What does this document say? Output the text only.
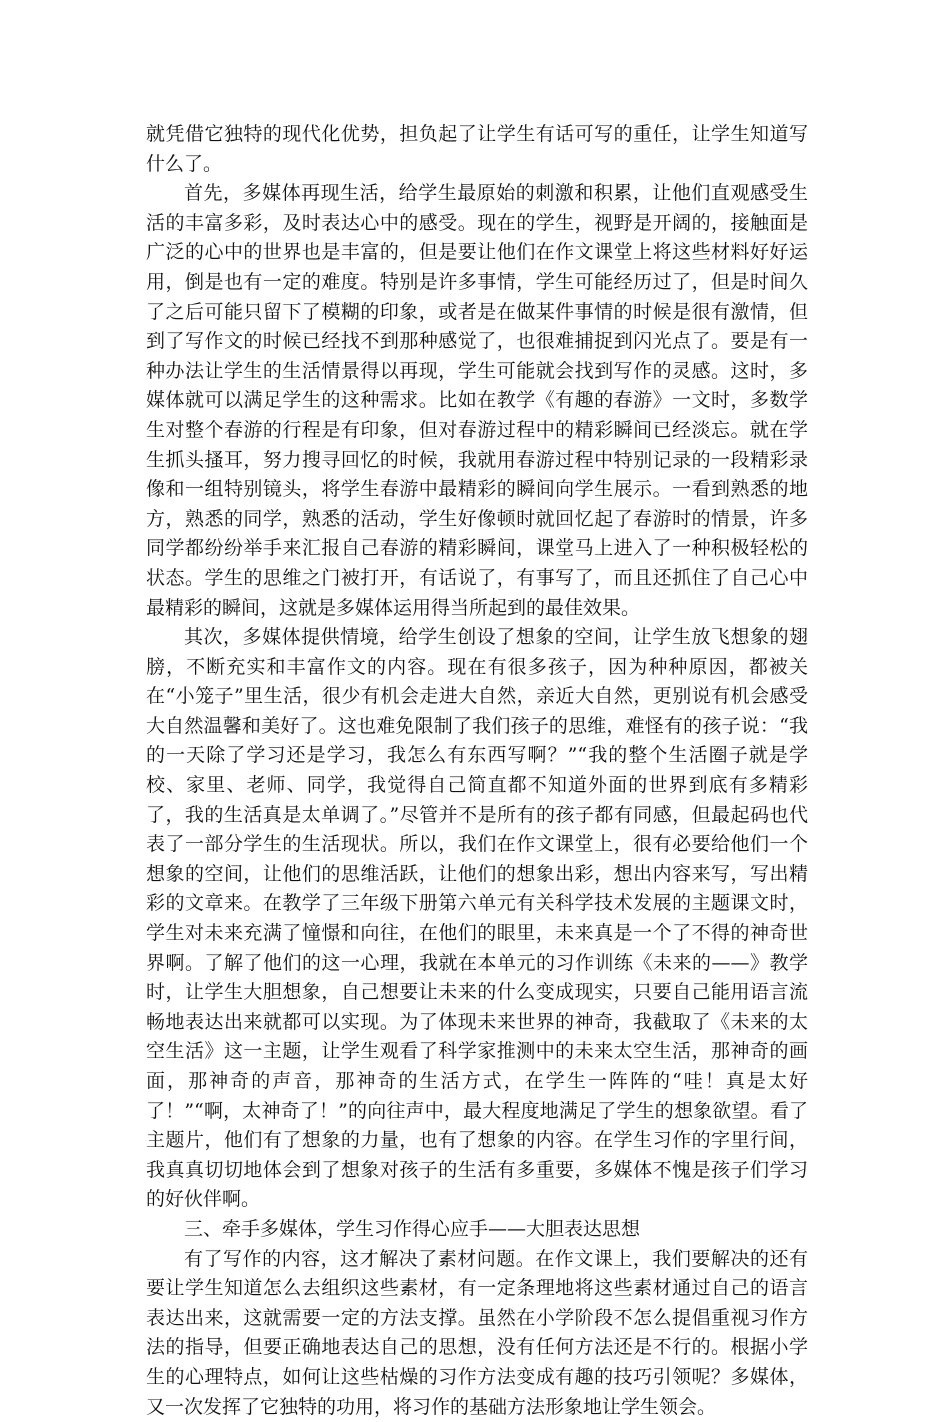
就凭借它独特的现代化优势，担负起了让学生有话可写的重任，让学生知道写什么了。

首先，多媒体再现生活，给学生最原始的刺激和积累，让他们直观感受生活的丰富多彩，及时表达心中的感受。现在的学生，视野是开阔的，接触面是广泛的心中的世界也是丰富的，但是要让他们在作文课堂上将这些材料好好运用，倒是也有一定的难度。特别是许多事情，学生可能经历过了，但是时间久了之后可能只留下了模糊的印象，或者是在做某件事情的时候是很有激情，但到了写作文的时候已经找不到那种感觉了，也很难捕捉到闪光点了。要是有一种办法让学生的生活情景得以再现，学生可能就会找到写作的灵感。这时，多媒体就可以满足学生的这种需求。比如在教学《有趣的春游》一文时，多数学生对整个春游的行程是有印象，但对春游过程中的精彩瞬间已经淡忘。就在学生抓头搔耳，努力搜寻回忆的时候，我就用春游过程中特别记录的一段精彩录像和一组特别镜头，将学生春游中最精彩的瞬间向学生展示。一看到熟悉的地方，熟悉的同学，熟悉的活动，学生好像顿时就回忆起了春游时的情景，许多同学都纷纷举手来汇报自己春游的精彩瞬间，课堂马上进入了一种积极轻松的状态。学生的思维之门被打开，有话说了，有事写了，而且还抓住了自己心中最精彩的瞬间，这就是多媒体运用得当所起到的最佳效果。

其次，多媒体提供情境，给学生创设了想象的空间，让学生放飞想象的翅膀，不断充实和丰富作文的内容。现在有很多孩子，因为种种原因，都被关在“小笼子”里生活，很少有机会走进大自然，亲近大自然，更别说有机会感受大自然温馨和美好了。这也难免限制了我们孩子的思维，难怪有的孩子说：“我的一天除了学习还是学习，我怎么有东西写啊？”“我的整个生活圈子就是学校、家里、老师、同学，我觉得自己简直都不知道外面的世界到底有多精彩了，我的生活真是太单调了。”尽管并不是所有的孩子都有同感，但最起码也代表了一部分学生的生活现状。所以，我们在作文课堂上，很有必要给他们一个想象的空间，让他们的思维活跃，让他们的想象出彩，想出内容来写，写出精彩的文章来。在教学了三年级下册第六单元有关科学技术发展的主题课文时，学生对未来充满了憧憬和向往，在他们的眼里，未来真是一个了不得的神奇世界啊。了解了他们的这一心理，我就在本单元的习作训练《未来的——》教学时，让学生大胆想象，自己想要让未来的什么变成现实，只要自己能用语言流畅地表达出来就都可以实现。为了体现未来世界的神奇，我截取了《未来的太空生活》这一主题，让学生观看了科学家推测中的未来太空生活，那神奇的画面，那神奇的声音，那神奇的生活方式，在学生一阵阵的“哇！真是太好了！”“啊，太神奇了！”的向往声中，最大程度地满足了学生的想象欲望。看了主题片，他们有了想象的力量，也有了想象的内容。在学生习作的字里行间，我真真切切地体会到了想象对孩子的生活有多重要，多媒体不愧是孩子们学习的好伙伴啊。

三、牵手多媒体，学生习作得心应手——大胆表达思想

有了写作的内容，这才解决了素材问题。在作文课上，我们要解决的还有要让学生知道怎么去组织这些素材，有一定条理地将这些素材通过自己的语言表达出来，这就需要一定的方法支撑。虽然在小学阶段不怎么提倡重视习作方法的指导，但要正确地表达自己的思想，没有任何方法还是不行的。根据小学生的心理特点，如何让这些枯燥的习作方法变成有趣的技巧引领呢？多媒体，又一次发挥了它独特的功用，将习作的基础方法形象地让学生领会。
